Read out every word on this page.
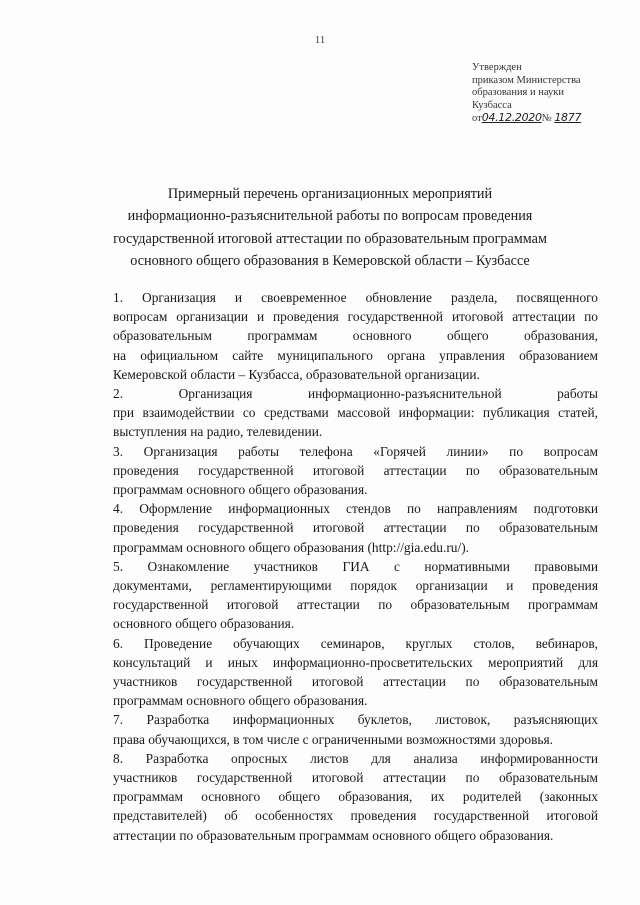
11
Утвержден
приказом Министерства
образования и науки
Кузбасса
от04.12.2020№ 1877
Примерный перечень организационных мероприятий
информационно-разъяснительной работы по вопросам проведения
государственной итоговой аттестации по образовательным программам
основного общего образования в Кемеровской области – Кузбассе
1. Организация и своевременное обновление раздела, посвященного
вопросам организации и проведения государственной итоговой аттестации по
образовательным программам основного общего образования,
на официальном сайте муниципального органа управления образованием
Кемеровской области – Кузбасса, образовательной организации.
2. Организация информационно-разъяснительной работы
при взаимодействии со средствами массовой информации: публикация статей,
выступления на радио, телевидении.
3. Организация работы телефона «Горячей линии» по вопросам
проведения государственной итоговой аттестации по образовательным
программам основного общего образования.
4. Оформление информационных стендов по направлениям подготовки
проведения государственной итоговой аттестации по образовательным
программам основного общего образования (http://gia.edu.ru/).
5. Ознакомление участников ГИА с нормативными правовыми
документами, регламентирующими порядок организации и проведения
государственной итоговой аттестации по образовательным программам
основного общего образования.
6. Проведение обучающих семинаров, круглых столов, вебинаров,
консультаций и иных информационно-просветительских мероприятий для
участников государственной итоговой аттестации по образовательным
программам основного общего образования.
7. Разработка информационных буклетов, листовок, разъясняющих
права обучающихся, в том числе с ограниченными возможностями здоровья.
8. Разработка опросных листов для анализа информированности
участников государственной итоговой аттестации по образовательным
программам основного общего образования, их родителей (законных
представителей) об особенностях проведения государственной итоговой
аттестации по образовательным программам основного общего образования.
